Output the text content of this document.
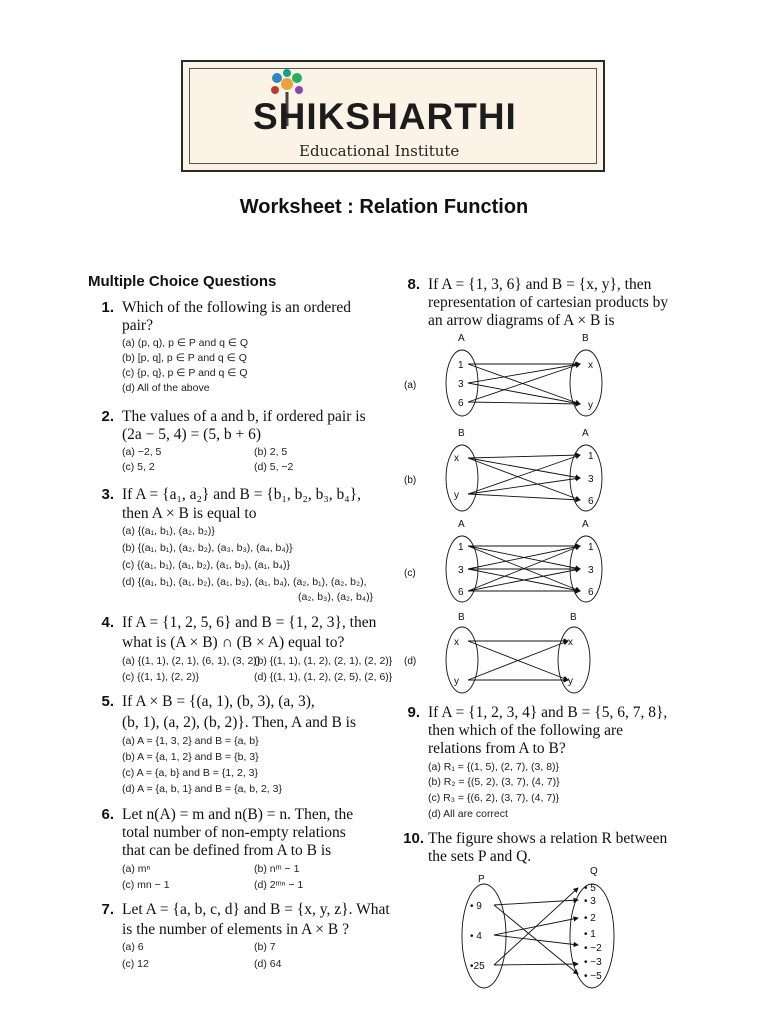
SHIKSHARTHI
Educational Institute
Worksheet : Relation Function
Multiple Choice Questions
1. Which of the following is an ordered pair?
(a) (p, q), p ∈ P and q ∈ Q
(b) [p, q], p ∈ P and q ∈ Q
(c) {p, q}, p ∈ P and q ∈ Q
(d) All of the above
2. The values of a and b, if ordered pair is
(2a − 5, 4) = (5, b + 6)
(a) −2, 5	(b) 2, 5
(c) 5, 2	(d) 5, −2
3. If A = {a₁, a₂} and B = {b₁, b₂, b₃, b₄},
then A × B is equal to
(a) {(a₁, b₁), (a₂, b₂)}
(b) {(a₁, b₁), (a₂, b₂), (a₃, b₃), (a₄, b₄)}
(c) {(a₁, b₁), (a₁, b₂), (a₁, b₃), (a₁, b₄)}
(d) {(a₁, b₁), (a₁, b₂), (a₁, b₃), (a₁, b₄), (a₂, b₁), (a₂, b₂),
(a₂, b₃), (a₂, b₄)}
4. If A = {1, 2, 5, 6} and B = {1, 2, 3}, then
what is (A × B) ∩ (B × A) equal to?
(a) {(1, 1), (2, 1), (6, 1), (3, 2)}
(b) {(1, 1), (1, 2), (2, 1), (2, 2)}
(c) {(1, 1), (2, 2)}	(d) {(1, 1), (1, 2), (2, 5), (2, 6)}
5. If A × B = {(a, 1), (b, 3), (a, 3),
(b, 1), (a, 2), (b, 2)}. Then, A and B is
(a) A = {1, 3, 2} and B = {a, b}
(b) A = {a, 1, 2} and B = {b, 3}
(c) A = {a, b} and B = {1, 2, 3}
(d) A = {a, b, 1} and B = {a, b, 2, 3}
6. Let n(A) = m and n(B) = n. Then, the
total number of non-empty relations
that can be defined from A to B is
(a) mⁿ	(b) nᵐ − 1
(c) mn − 1	(d) 2ᵐⁿ − 1
7. Let A = {a, b, c, d} and B = {x, y, z}. What
is the number of elements in A × B ?
(a) 6	(b) 7
(c) 12	(d) 64
8. If A = {1, 3, 6} and B = {x, y}, then
representation of cartesian products by
an arrow diagrams of A × B is
(a)
(b)
(c)
(d)
A	B
B	A
A	A
B	B
1
3
6
x
y
x
y
1
3
6
1
3
6
1
3
6
x
y
x
y
9. If A = {1, 2, 3, 4} and B = {5, 6, 7, 8},
then which of the following are
relations from A to B?
(a) R₁ = {(1, 5), (2, 7), (3, 8)}
(b) R₂ = {(5, 2), (3, 7), (4, 7)}
(c) R₃ = {(6, 2), (3, 7), (4, 7)}
(d) All are correct
10. The figure shows a relation R between
the sets P and Q.
P
Q
• 9
• 4
•25
• 5
• 3
• 2
• 1
• −2
• −3
• −5
